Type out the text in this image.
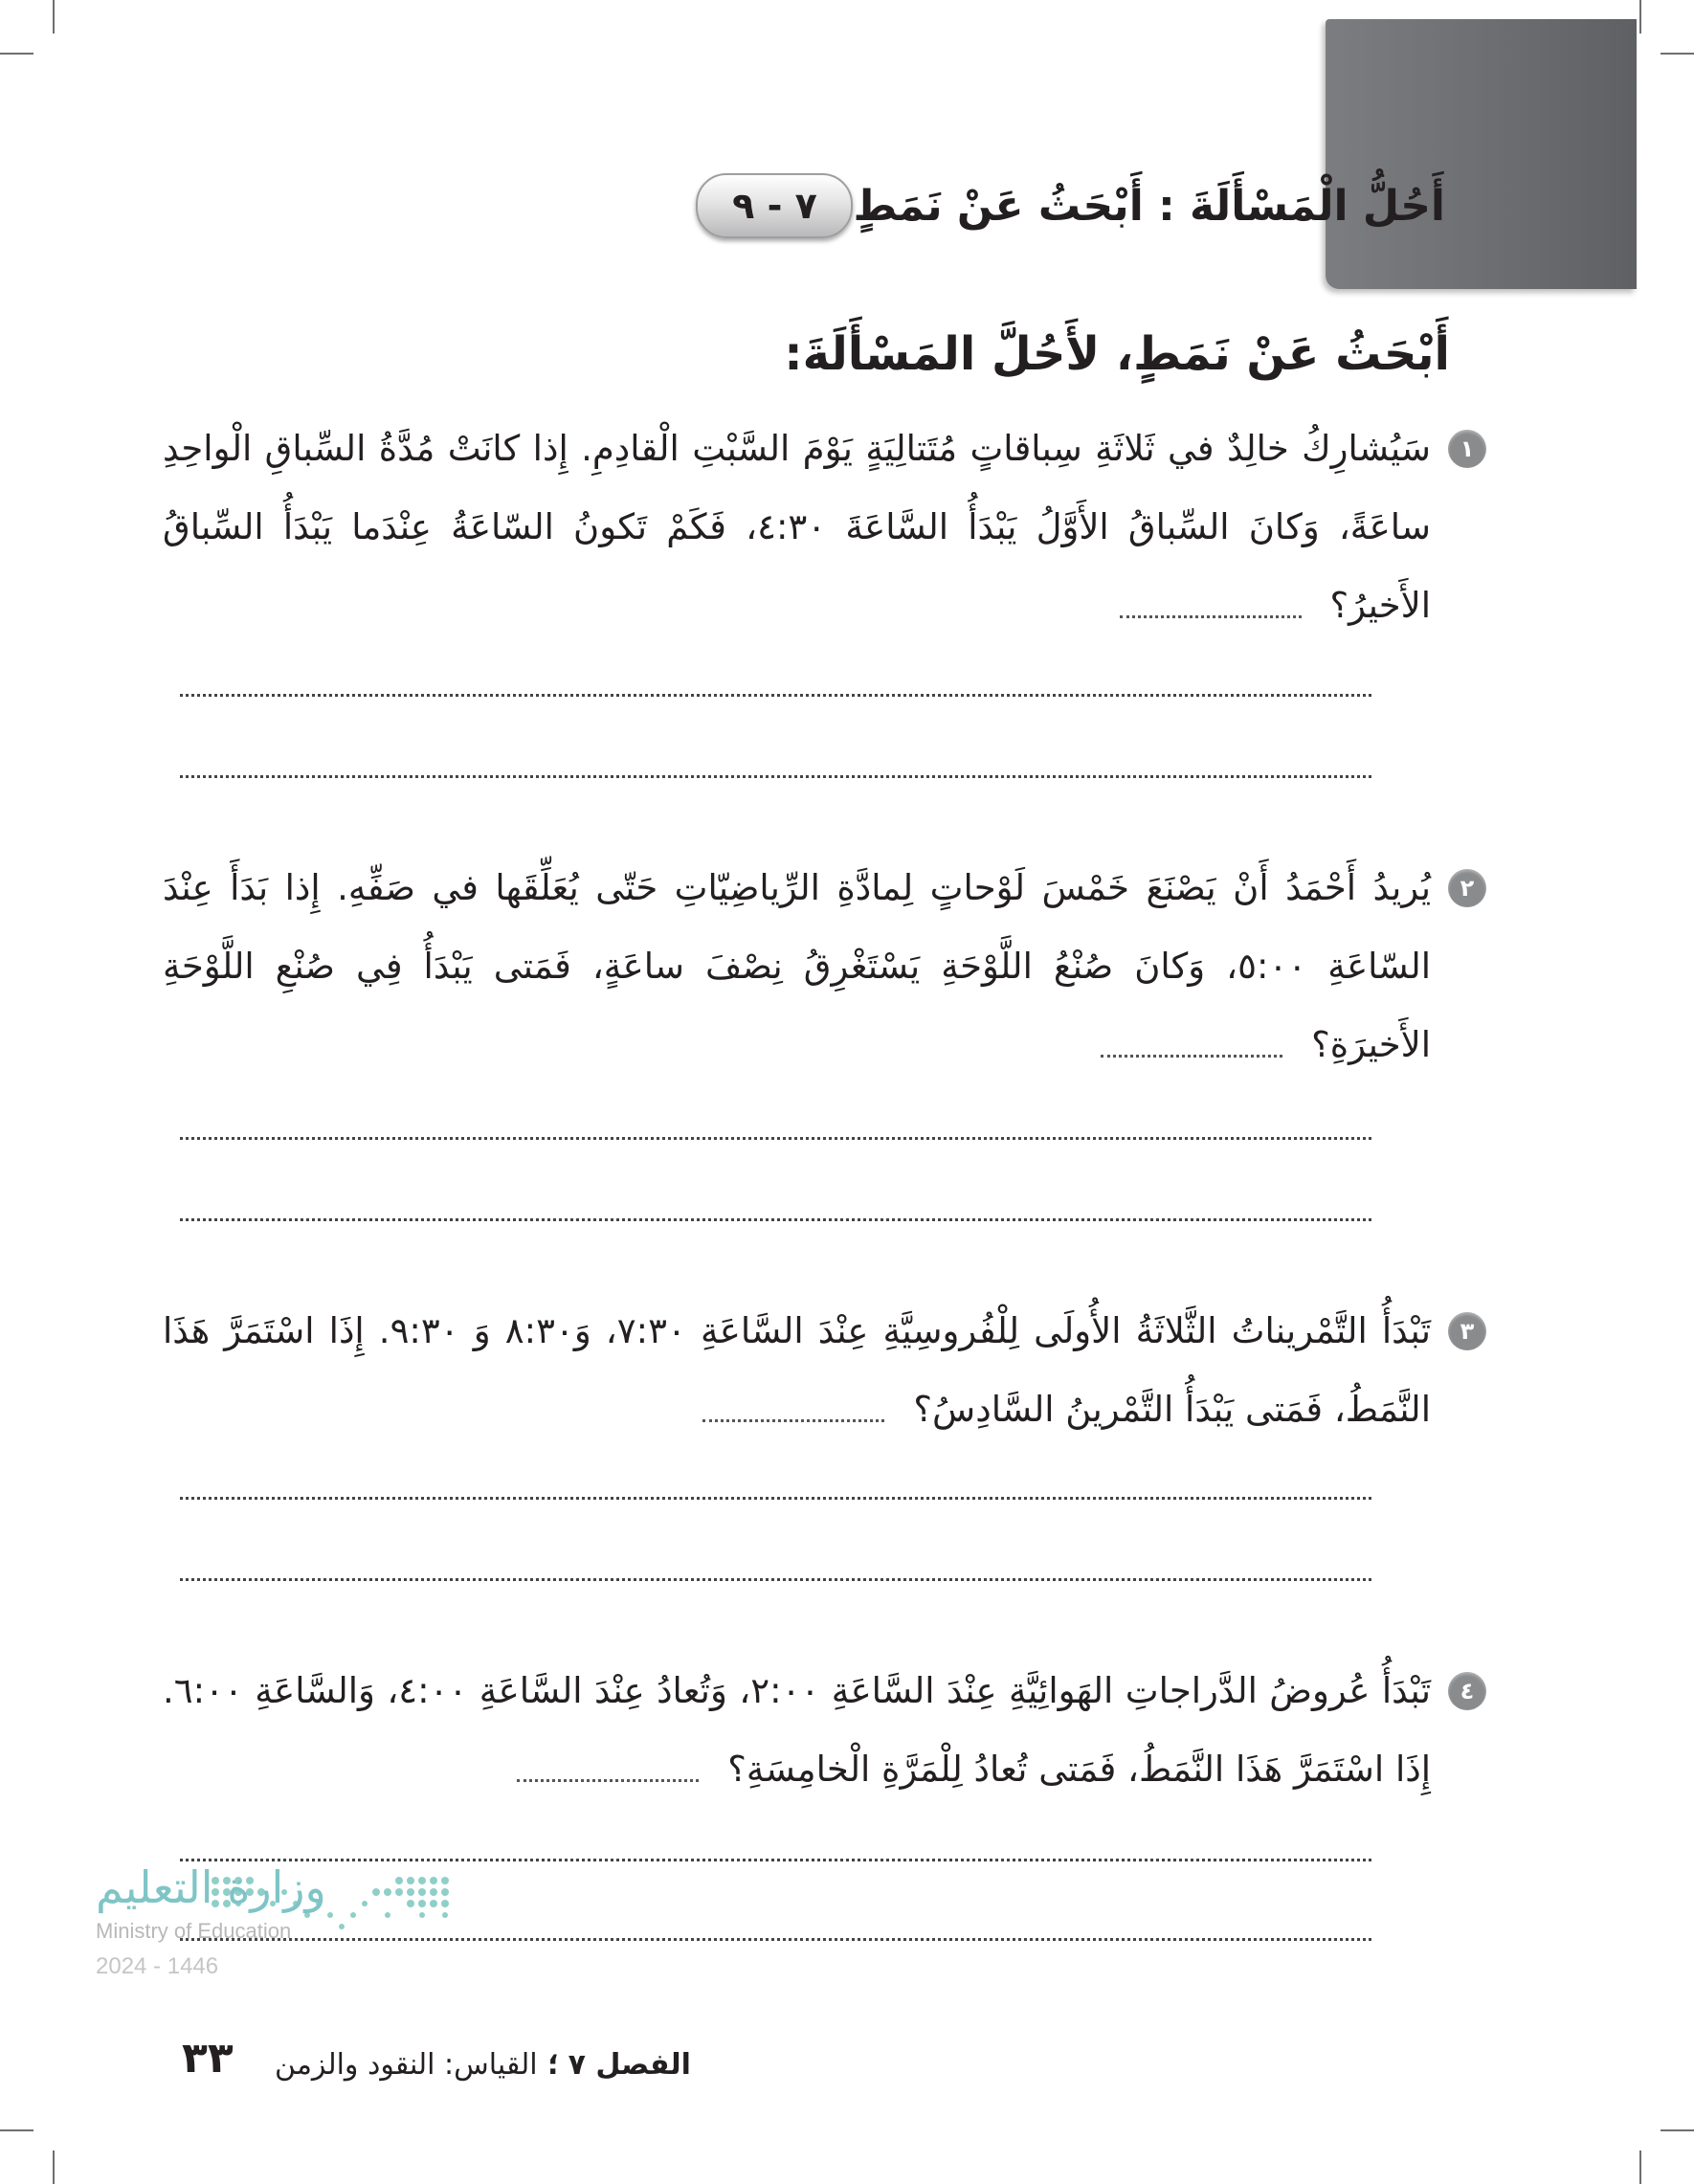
٧ - ٩ أَحُلُّ الْمَسْأَلَةَ : أَبْحَثُ عَنْ نَمَطٍ
أَبْحَثُ عَنْ نَمَطٍ، لأَحُلَّ المَسْأَلَةَ:
١
سَيُشارِكُ خالِدٌ في ثَلاثَةِ سِباقاتٍ مُتَتالِيَةٍ يَوْمَ السَّبْتِ الْقادِمِ. إِذا كانَتْ مُدَّةُ السِّباقِ الْواحِدِ ساعَةً، وَكانَ السِّباقُ الأَوَّلُ يَبْدَأُ السَّاعَةَ ٤:٣٠، فَكَمْ تَكونُ السّاعَةُ عِنْدَما يَبْدَأُ السِّباقُ الأَخيرُ؟
٢
يُريدُ أَحْمَدُ أَنْ يَصْنَعَ خَمْسَ لَوْحاتٍ لِمادَّةِ الرِّياضِيّاتِ حَتّى يُعَلِّقَها في صَفِّهِ. إِذا بَدَأَ عِنْدَ السّاعَةِ ٥:٠٠، وَكانَ صُنْعُ اللَّوْحَةِ يَسْتَغْرِقُ نِصْفَ ساعَةٍ، فَمَتى يَبْدَأُ فِي صُنْعِ اللَّوْحَةِ الأَخيرَةِ؟
٣
تَبْدَأُ التَّمْريناتُ الثَّلاثَةُ الأُولَى لِلْفُروسِيَّةِ عِنْدَ السَّاعَةِ ٧:٣٠، وَ٨:٣٠ وَ ٩:٣٠. إِذَا اسْتَمَرَّ هَذَا النَّمَطُ، فَمَتى يَبْدَأُ التَّمْرينُ السَّادِسُ؟
٤
تَبْدَأُ عُروضُ الدَّراجاتِ الهَوائِيَّةِ عِنْدَ السَّاعَةِ ٢:٠٠، وَتُعادُ عِنْدَ السَّاعَةِ ٤:٠٠، وَالسَّاعَةِ ٦:٠٠. إِذَا اسْتَمَرَّ هَذَا النَّمَطُ، فَمَتى تُعادُ لِلْمَرَّةِ الْخامِسَةِ؟
وزارة التعليم
Ministry of Education
2024 - 1446
٣٣	الفصل ٧ ؛ القياس: النقود والزمن
